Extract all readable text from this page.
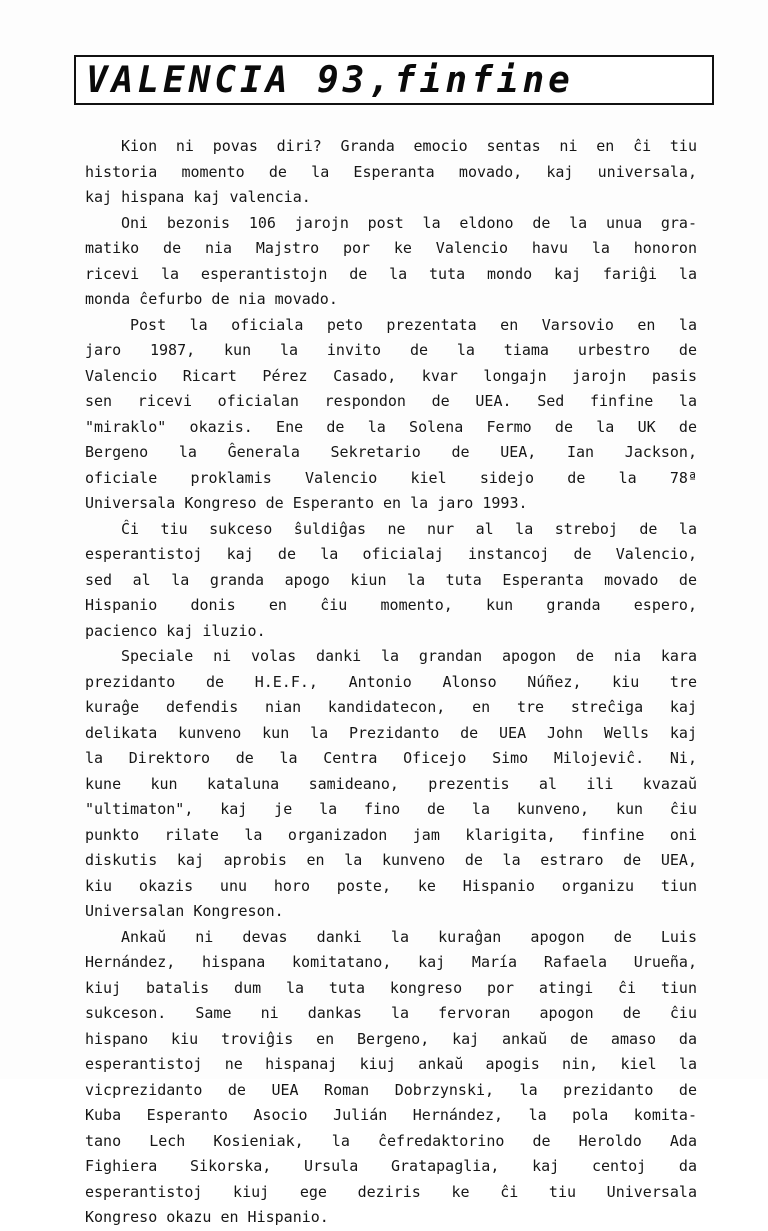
VALENCIA 93,finfine
Kion ni povas diri? Granda emocio sentas ni en ĉi tiu
historia momento de la Esperanta movado, kaj universala,
kaj hispana kaj valencia.
Oni bezonis 106 jarojn post la eldono de la unua gra-
matiko de nia Majstro por ke Valencio havu la honoron
ricevi la esperantistojn de la tuta mondo kaj fariĝi la
monda ĉefurbo de nia movado.
Post la oficiala peto prezentata en Varsovio en la
jaro 1987, kun la invito de la tiama urbestro de
Valencio Ricart Pérez Casado, kvar longajn jarojn pasis
sen ricevi oficialan respondon de UEA. Sed finfine la
"miraklo" okazis. Ene de la Solena Fermo de la UK de
Bergeno la Ĝenerala Sekretario de UEA, Ian Jackson,
oficiale proklamis Valencio kiel sidejo de la 78ª
Universala Kongreso de Esperanto en la jaro 1993.
Ĉi tiu sukceso ŝuldiĝas ne nur al la streboj de la
esperantistoj kaj de la oficialaj instancoj de Valencio,
sed al la granda apogo kiun la tuta Esperanta movado de
Hispanio donis en ĉiu momento, kun granda espero,
pacienco kaj iluzio.
Speciale ni volas danki la grandan apogon de nia kara
prezidanto de H.E.F., Antonio Alonso Núñez, kiu tre
kuraĝe defendis nian kandidatecon, en tre streĉiga kaj
delikata kunveno kun la Prezidanto de UEA John Wells kaj
la Direktoro de la Centra Oficejo Simo Milojeviĉ. Ni,
kune kun kataluna samideano, prezentis al ili kvazaŭ
"ultimaton", kaj je la fino de la kunveno, kun ĉiu
punkto rilate la organizadon jam klarigita, finfine oni
diskutis kaj aprobis en la kunveno de la estraro de UEA,
kiu okazis unu horo poste, ke Hispanio organizu tiun
Universalan Kongreson.
Ankaŭ ni devas danki la kuraĝan apogon de Luis
Hernández, hispana komitatano, kaj María Rafaela Urueña,
kiuj batalis dum la tuta kongreso por atingi ĉi tiun
sukceson. Same ni dankas la fervoran apogon de ĉiu
hispano kiu troviĝis en Bergeno, kaj ankaŭ de amaso da
esperantistoj ne hispanaj kiuj ankaŭ apogis nin, kiel la
vicprezidanto de UEA Roman Dobrzynski, la prezidanto de
Kuba Esperanto Asocio Julián Hernández, la pola komita-
tano Lech Kosieniak, la ĉefredaktorino de Heroldo Ada
Fighiera Sikorska, Ursula Gratapaglia, kaj centoj da
esperantistoj kiuj ege deziris ke ĉi tiu Universala
Kongreso okazu en Hispanio.
